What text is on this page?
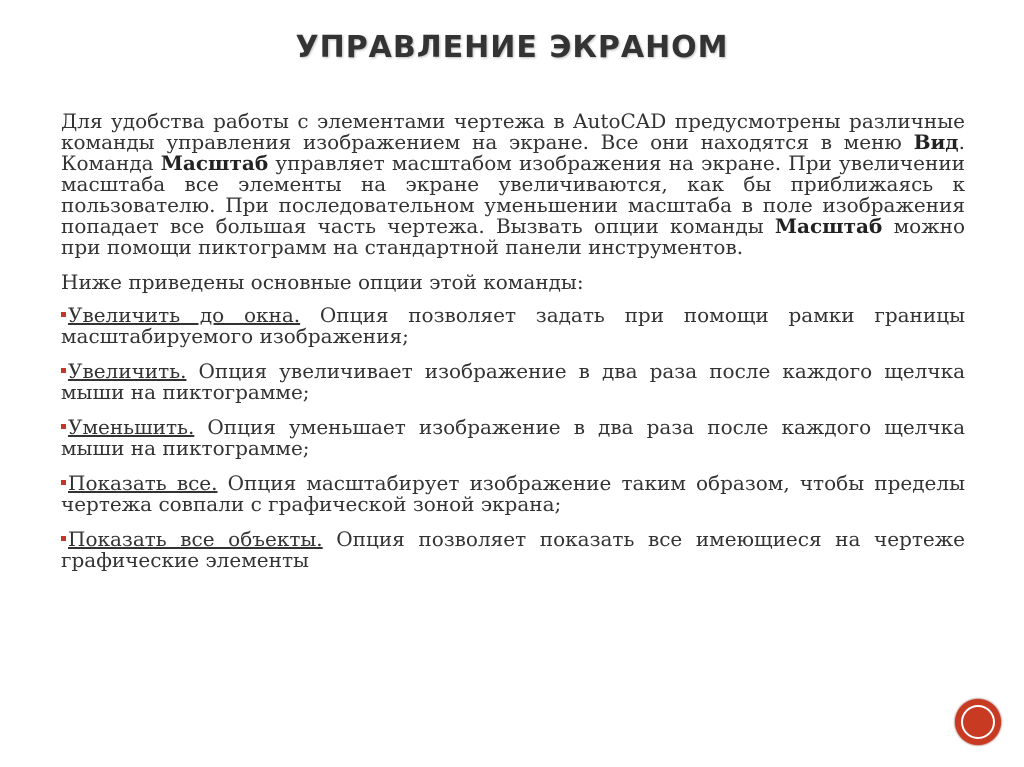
УПРАВЛЕНИЕ ЭКРАНОМ

Для удобства работы с элементами чертежа в AutoCAD предусмотрены различные команды управления изображением на экране. Все они находятся в меню Вид. Команда Масштаб управляет масштабом изображения на экране. При увеличении масштаба все элементы на экране увеличиваются, как бы приближаясь к пользователю. При последовательном уменьшении масштаба в поле изображения попадает все большая часть чертежа. Вызвать опции команды Масштаб можно при помощи пиктограмм на стандартной панели инструментов.

Ниже приведены основные опции этой команды:

Увеличить до окна. Опция позволяет задать при помощи рамки границы масштабируемого изображения;
Увеличить. Опция увеличивает изображение в два раза после каждого щелчка мыши на пиктограмме;
Уменьшить. Опция уменьшает изображение в два раза после каждого щелчка мыши на пиктограмме;
Показать все. Опция масштабирует изображение таким образом, чтобы пределы чертежа совпали с графической зоной экрана;
Показать все объекты. Опция позволяет показать все имеющиеся на чертеже графические элементы
